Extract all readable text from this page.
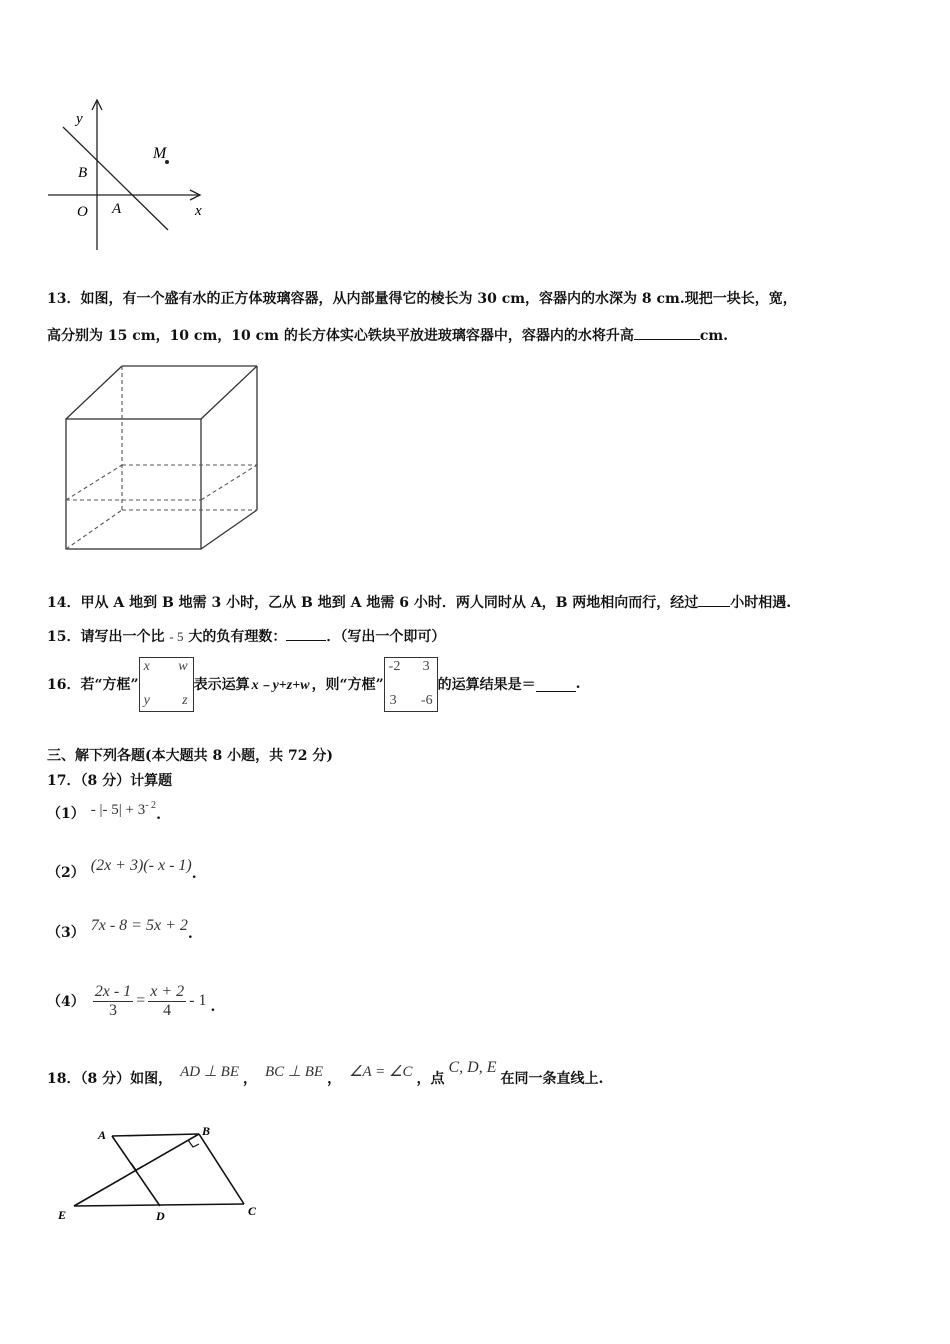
y
x
O A
B
M
13．如图，有一个盛有水的正方体玻璃容器，从内部量得它的棱长为 30 cm，容器内的水深为 8 cm.现把一块长，宽，
高分别为 15 cm，10 cm，10 cm 的长方体实心铁块平放进玻璃容器中，容器内的水将升高	cm.
14．甲从 A 地到 B 地需 3 小时，乙从 B 地到 A 地需 6 小时．两人同时从 A，B 两地相向而行，经过 小时相遇.
15．请写出一个比 - 5 大的负有理数：	．（写出一个即可）
16．若“方框”
x w
y z
表示运算 x﹣y+z+w ，则“方框”
-2 3
3 -6
的运算结果是＝	.
三、解下列各题(本大题共 8 小题，共 72 分)
17．（8 分）计算题
（1） - |- $5| + 3^{- 2}$
.
（2） (2x + 3)(- x - 1) .
（3） 7x - 8 = 5x + 2 .
$(4) \frac{2x - 1}{3} = \frac{x + 2}{4} - 1$ .
18．（8 分）如图， AD ⊥ BE ， BC ⊥ BE ， ∠A = ∠C ，点
C, D, E
在同一条直线上.
A	B
C
D
E
